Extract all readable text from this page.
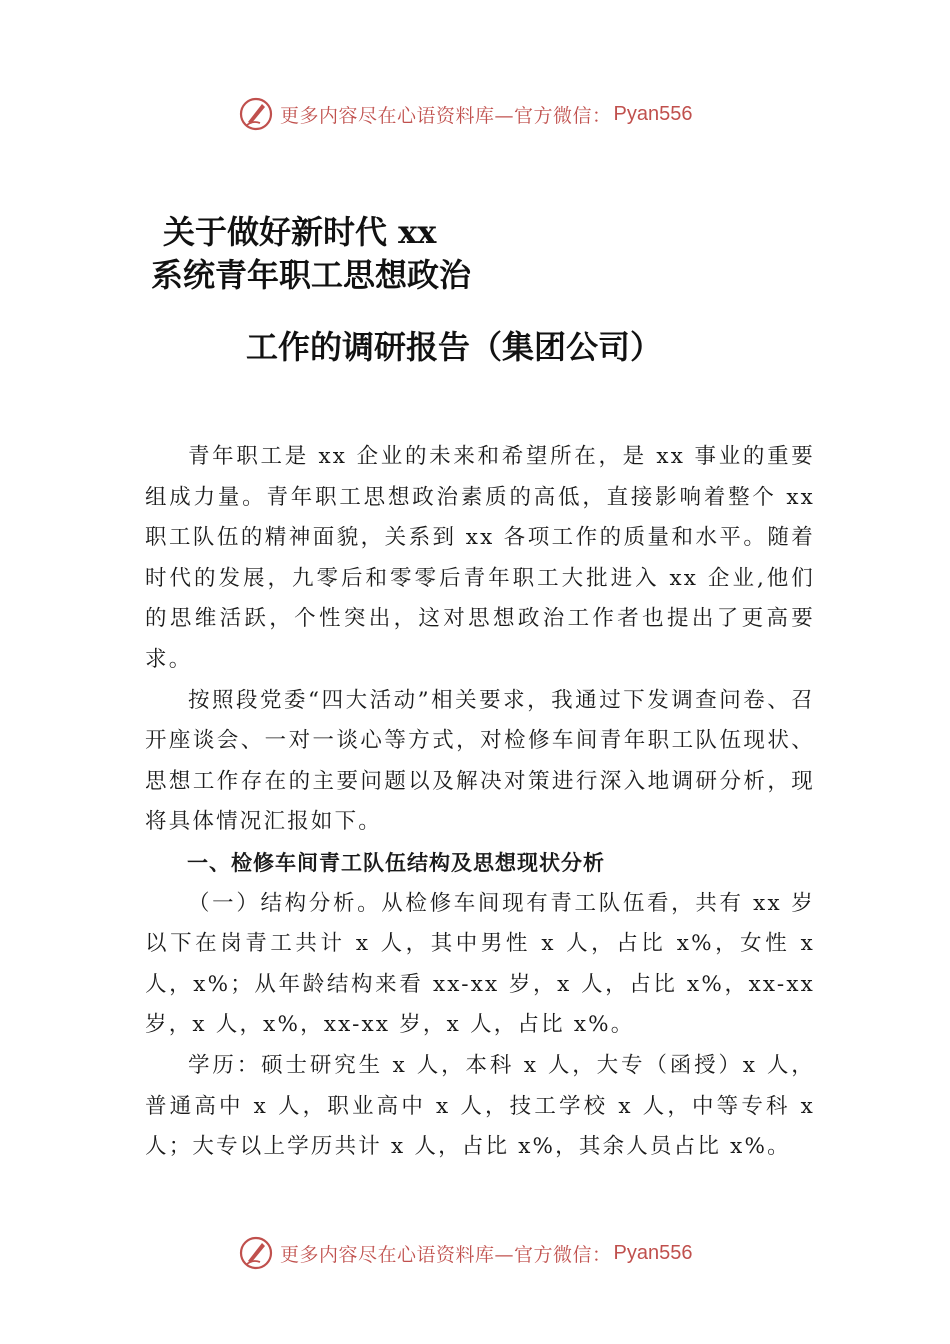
更多内容尽在心语资料库—官方微信： Pyan556
关于做好新时代 xx
系统青年职工思想政治
工作的调研报告（集团公司）

青年职工是 xx 企业的未来和希望所在，是 xx 事业的重要组成力量。青年职工思想政治素质的高低，直接影响着整个 xx 职工队伍的精神面貌，关系到 xx 各项工作的质量和水平。随着时代的发展，九零后和零零后青年职工大批进入 xx 企业,他们的思维活跃，个性突出，这对思想政治工作者也提出了更高要求。

按照段党委“四大活动”相关要求，我通过下发调查问卷、召开座谈会、一对一谈心等方式，对检修车间青年职工队伍现状、思想工作存在的主要问题以及解决对策进行深入地调研分析，现将具体情况汇报如下。

一、检修车间青工队伍结构及思想现状分析

（一）结构分析。从检修车间现有青工队伍看，共有 xx 岁以下在岗青工共计 x 人，其中男性 x 人，占比 x%，女性 x 人，x%；从年龄结构来看 xx-xx 岁，x 人，占比 x%，xx-xx 岁，x 人，x%，xx-xx 岁，x 人，占比 x%。

学历：硕士研究生 x 人，本科 x 人，大专（函授）x 人，普通高中 x 人，职业高中 x 人，技工学校 x 人，中等专科 x 人；大专以上学历共计 x 人，占比 x%，其余人员占比 x%。

更多内容尽在心语资料库—官方微信： Pyan556
